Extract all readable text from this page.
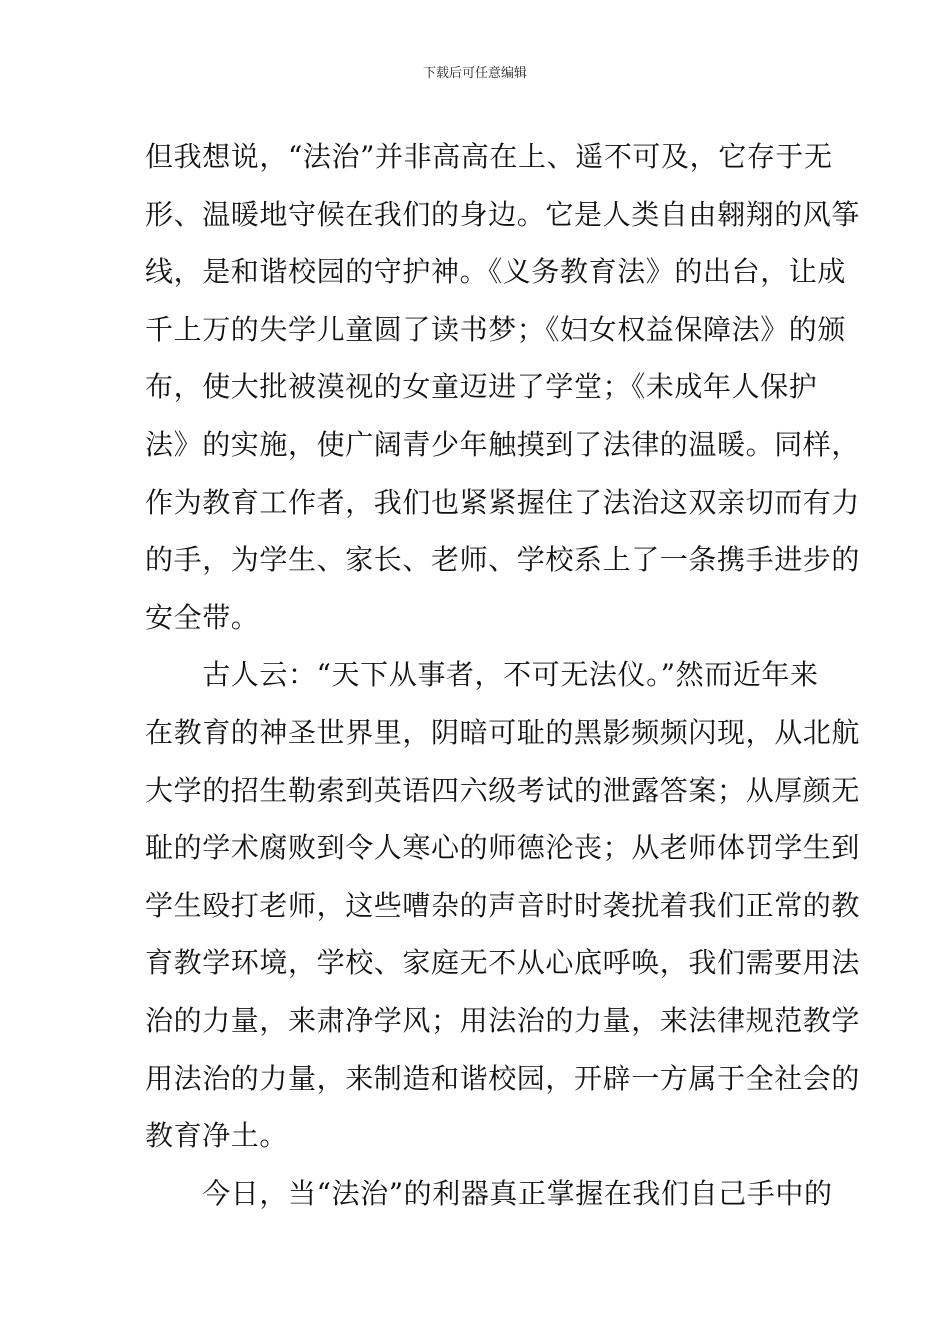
下载后可任意编辑
但我想说，“法治”并非高高在上、遥不可及，它存于无
形、温暖地守候在我们的身边。它是人类自由翱翔的风筝
线，是和谐校园的守护神。《义务教育法》的出台，让成
千上万的失学儿童圆了读书梦；《妇女权益保障法》的颁
布，使大批被漠视的女童迈进了学堂；《未成年人保护
法》的实施，使广阔青少年触摸到了法律的温暖。同样，
作为教育工作者，我们也紧紧握住了法治这双亲切而有力
的手，为学生、家长、老师、学校系上了一条携手进步的
安全带。
　　古人云：“天下从事者，不可无法仪。”然而近年来
在教育的神圣世界里，阴暗可耻的黑影频频闪现，从北航
大学的招生勒索到英语四六级考试的泄露答案；从厚颜无
耻的学术腐败到令人寒心的师德沦丧；从老师体罚学生到
学生殴打老师，这些嘈杂的声音时时袭扰着我们正常的教
育教学环境，学校、家庭无不从心底呼唤，我们需要用法
治的力量，来肃净学风；用法治的力量，来法律规范教学
用法治的力量，来制造和谐校园，开辟一方属于全社会的
教育净土。
　　今日，当“法治”的利器真正掌握在我们自己手中的
